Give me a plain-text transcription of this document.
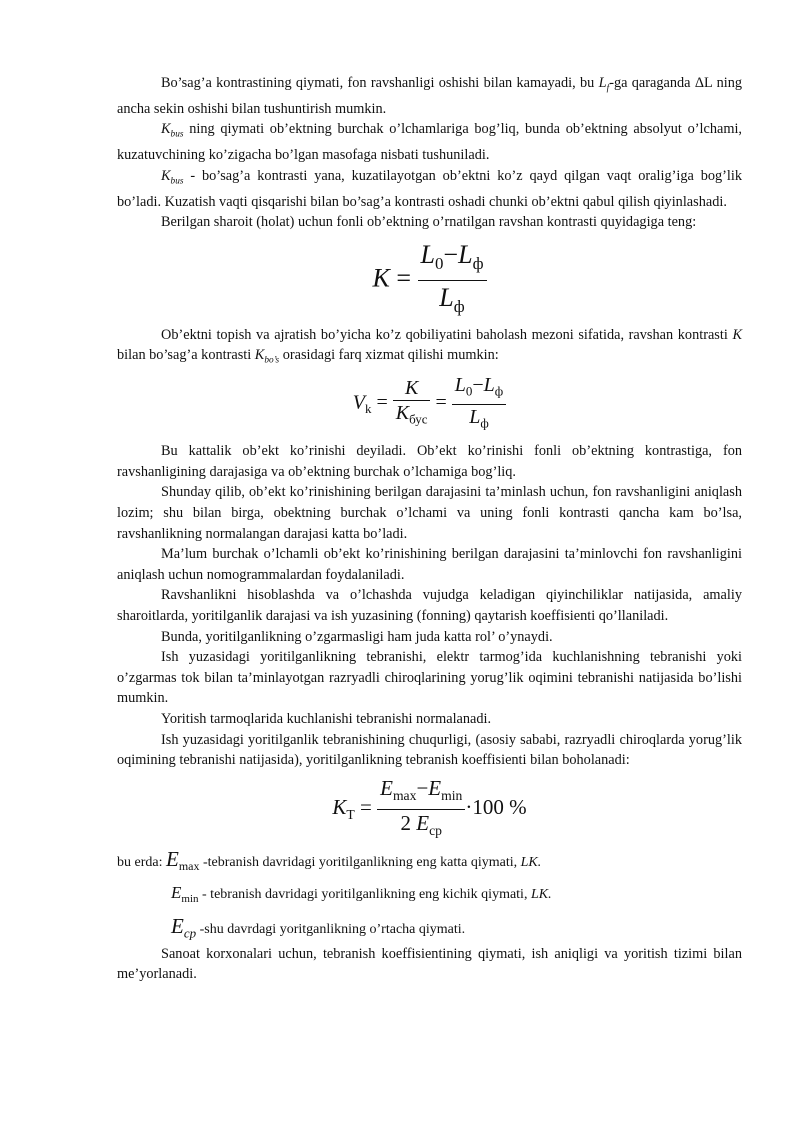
Bo’sag’a kontrastining qiymati, fon ravshanligi oshishi bilan kamayadi, bu $L_f-ga$ qaraganda ΔL ning ancha sekin oshishi bilan tushuntirish mumkin.

$K_{bus}$ ning qiymati ob’ektning burchak o’lchamlariga bog’liq, bunda ob’ektning absolyut o’lchami, kuzatuvchining ko’zigacha bo’lgan masofaga nisbati tushuniladi.

$K_{bus}$ - bo’sag’a kontrasti yana, kuzatilayotgan ob’ektni ko’z qayd qilgan vaqt oralig’iga bog’lik bo’ladi. Kuzatish vaqti qisqarishi bilan bo’sag’a kontrasti oshadi chunki ob’ektni qabul qilish qiyinlashadi.

Berilgan sharoit (holat) uchun fonli ob’ektning o’rnatilgan ravshan kontrasti quyidagiga teng:

$K = \frac{L_0-L_ф}{L_ф}$

Ob’ektni topish va ajratish bo’yicha ko’z qobiliyatini baholash mezoni sifatida, ravshan kontrasti K bilan bo’sag’a kontrasti $K_{bo’s}$ orasidagi farq xizmat qilishi mumkin:

$V_k = \frac{K}{K_{бус}} = \frac{L_0-L_ф}{L_ф}$

Bu kattalik ob’ekt ko’rinishi deyiladi. Ob’ekt ko’rinishi fonli ob’ektning kontrastiga, fon ravshanligining darajasiga va ob’ektning burchak o’lchamiga bog’liq.

Shunday qilib, ob’ekt ko’rinishining berilgan darajasini ta’minlash uchun, fon ravshanligini aniqlash lozim; shu bilan birga, obektning burchak o’lchami va uning fonli kontrasti qancha kam bo’lsa, ravshanlikning normalangan darajasi katta bo’ladi.

Ma’lum burchak o’lchamli ob’ekt ko’rinishining berilgan darajasini ta’minlovchi fon ravshanligini aniqlash uchun nomogrammalardan foydalaniladi.

Ravshanlikni hisoblashda va o’lchashda vujudga keladigan qiyinchiliklar natijasida, amaliy sharoitlarda, yoritilganlik darajasi va ish yuzasining (fonning) qaytarish koeffisienti qo’llaniladi.

Bunda, yoritilganlikning o’zgarmasligi ham juda katta rol’ o’ynaydi.

Ish yuzasidagi yoritilganlikning tebranishi, elektr tarmog’ida kuchlanishning tebranishi yoki o’zgarmas tok bilan ta’minlayotgan razryadli chiroqlarining yorug’lik oqimini tebranishi natijasida bo’lishi mumkin.

Yoritish tarmoqlarida kuchlanishi tebranishi normalanadi.

Ish yuzasidagi yoritilganlik tebranishining chuqurligi, (asosiy sababi, razryadli chiroqlarda yorug’lik oqimining tebranishi natijasida), yoritilganlikning tebranish koeffisienti bilan boholanadi:

$K_T = \frac{E_{max}-E_{min}}{2 E_{ср}} \cdot 100$ %

bu erda: $E_{max}$ -tebranish davridagi yoritilganlikning eng katta qiymati, LK.

$E_{min}$ - tebranish davridagi yoritilganlikning eng kichik qiymati, LK.

$E_{cp}$ -shu davrdagi yoritganlikning o’rtacha qiymati.

Sanoat korxonalari uchun, tebranish koeffisientining qiymati, ish aniqligi va yoritish tizimi bilan me’yorlanadi.
